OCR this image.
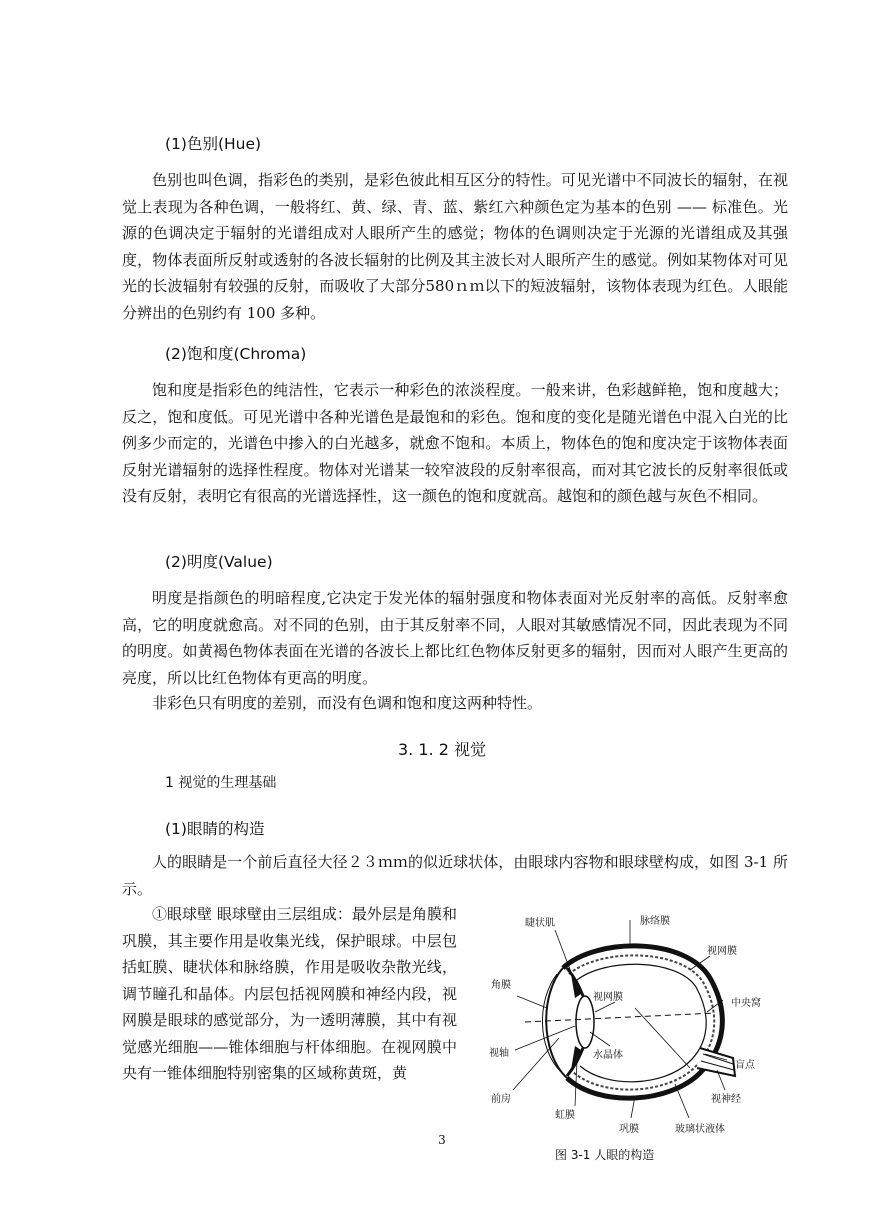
(1)色别(Hue)

色别也叫色调，指彩色的类别，是彩色彼此相互区分的特性。可见光谱中不同波长的辐射，在视觉上表现为各种色调，一般将红、黄、绿、青、蓝、紫红六种颜色定为基本的色别 —— 标准色。光源的色调决定于辐射的光谱组成对人眼所产生的感觉；物体的色调则决定于光源的光谱组成及其强度，物体表面所反射或透射的各波长辐射的比例及其主波长对人眼所产生的感觉。例如某物体对可见光的长波辐射有较强的反射，而吸收了大部分580ｎｍ以下的短波辐射，该物体表现为红色。人眼能分辨出的色别约有 100 多种。

(2)饱和度(Chroma)

饱和度是指彩色的纯洁性，它表示一种彩色的浓淡程度。一般来讲，色彩越鲜艳，饱和度越大；反之，饱和度低。可见光谱中各种光谱色是最饱和的彩色。饱和度的变化是随光谱色中混入白光的比例多少而定的，光谱色中掺入的白光越多，就愈不饱和。本质上，物体色的饱和度决定于该物体表面反射光谱辐射的选择性程度。物体对光谱某一较窄波段的反射率很高，而对其它波长的反射率很低或没有反射，表明它有很高的光谱选择性，这一颜色的饱和度就高。越饱和的颜色越与灰色不相同。

(2)明度(Value)

明度是指颜色的明暗程度,它决定于发光体的辐射强度和物体表面对光反射率的高低。反射率愈高，它的明度就愈高。对不同的色别，由于其反射率不同，人眼对其敏感情况不同，因此表现为不同的明度。如黄褐色物体表面在光谱的各波长上都比红色物体反射更多的辐射，因而对人眼产生更高的亮度，所以比红色物体有更高的明度。

非彩色只有明度的差别，而没有色调和饱和度这两种特性。

3. 1. 2 视觉
1 视觉的生理基础
(1)眼睛的构造

人的眼睛是一个前后直径大径２３ｍｍ的似近球状体，由眼球内容物和眼球壁构成，如图 3-1 所示。

①眼球壁 眼球壁由三层组成：最外层是角膜和巩膜，其主要作用是收集光线，保护眼球。中层包括虹膜、睫状体和脉络膜，作用是吸收杂散光线，调节瞳孔和晶体。内层包括视网膜和神经内段，视网膜是眼球的感觉部分，为一透明薄膜，其中有视觉感光细胞——锥体细胞与杆体细胞。在视网膜中央有一锥体细胞特别密集的区域称黄斑，黄

睫状肌	脉络膜
视网膜
角膜
视网膜
中央窝
视轴	水晶体
盲点
前房	视神经
虹膜
巩膜	玻璃状液体
3
图 3-1 人眼的构造
